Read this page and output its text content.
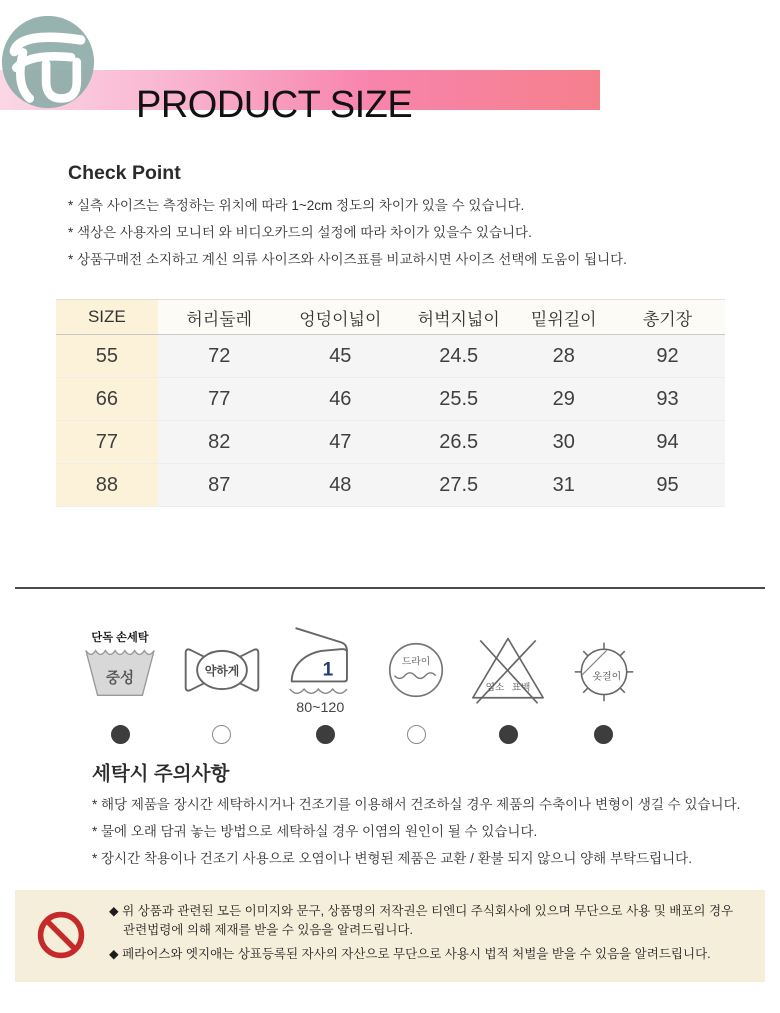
PRODUCT SIZE
Check Point

* 실측 사이즈는 측정하는 위치에 따라 1~2cm 정도의 차이가 있을 수 있습니다.

* 색상은 사용자의 모니터 와 비디오카드의 설정에 따라 차이가 있을수 있습니다.

* 상품구매전 소지하고 계신 의류 사이즈와 사이즈표를 비교하시면 사이즈 선택에 도움이 됩니다.

SIZE	허리둘레	엉덩이넓이	허벅지넓이	밑위길이	총기장
55	72	45	24.5	28	92
66	77	46	25.5	29	93
77	82	47	26.5	30	94
88	87	48	27.5	31	95
단독 손세탁
중성	약하게	1
80~120
드라이
염소 표백
옷걸이
세탁시 주의사항

* 해당 제품을 장시간 세탁하시거나 건조기를 이용해서 건조하실 경우 제품의 수축이나 변형이 생길 수 있습니다.

* 물에 오래 담궈 놓는 방법으로 세탁하실 경우 이염의 원인이 될 수 있습니다.

* 장시간 착용이나 건조기 사용으로 오염이나 변형된 제품은 교환 / 환불 되지 않으니 양해 부탁드립니다.

◆ 위 상품과 관련된 모든 이미지와 문구, 상품명의 저작권은 티엔디 주식회사에 있으며 무단으로 사용 및 배포의 경우 관련법령에 의해 제재를 받을 수 있음을 알려드립니다.

◆ 페라어스와 엣지애는 상표등록된 자사의 자산으로 무단으로 사용시 법적 처벌을 받을 수 있음을 알려드립니다.
